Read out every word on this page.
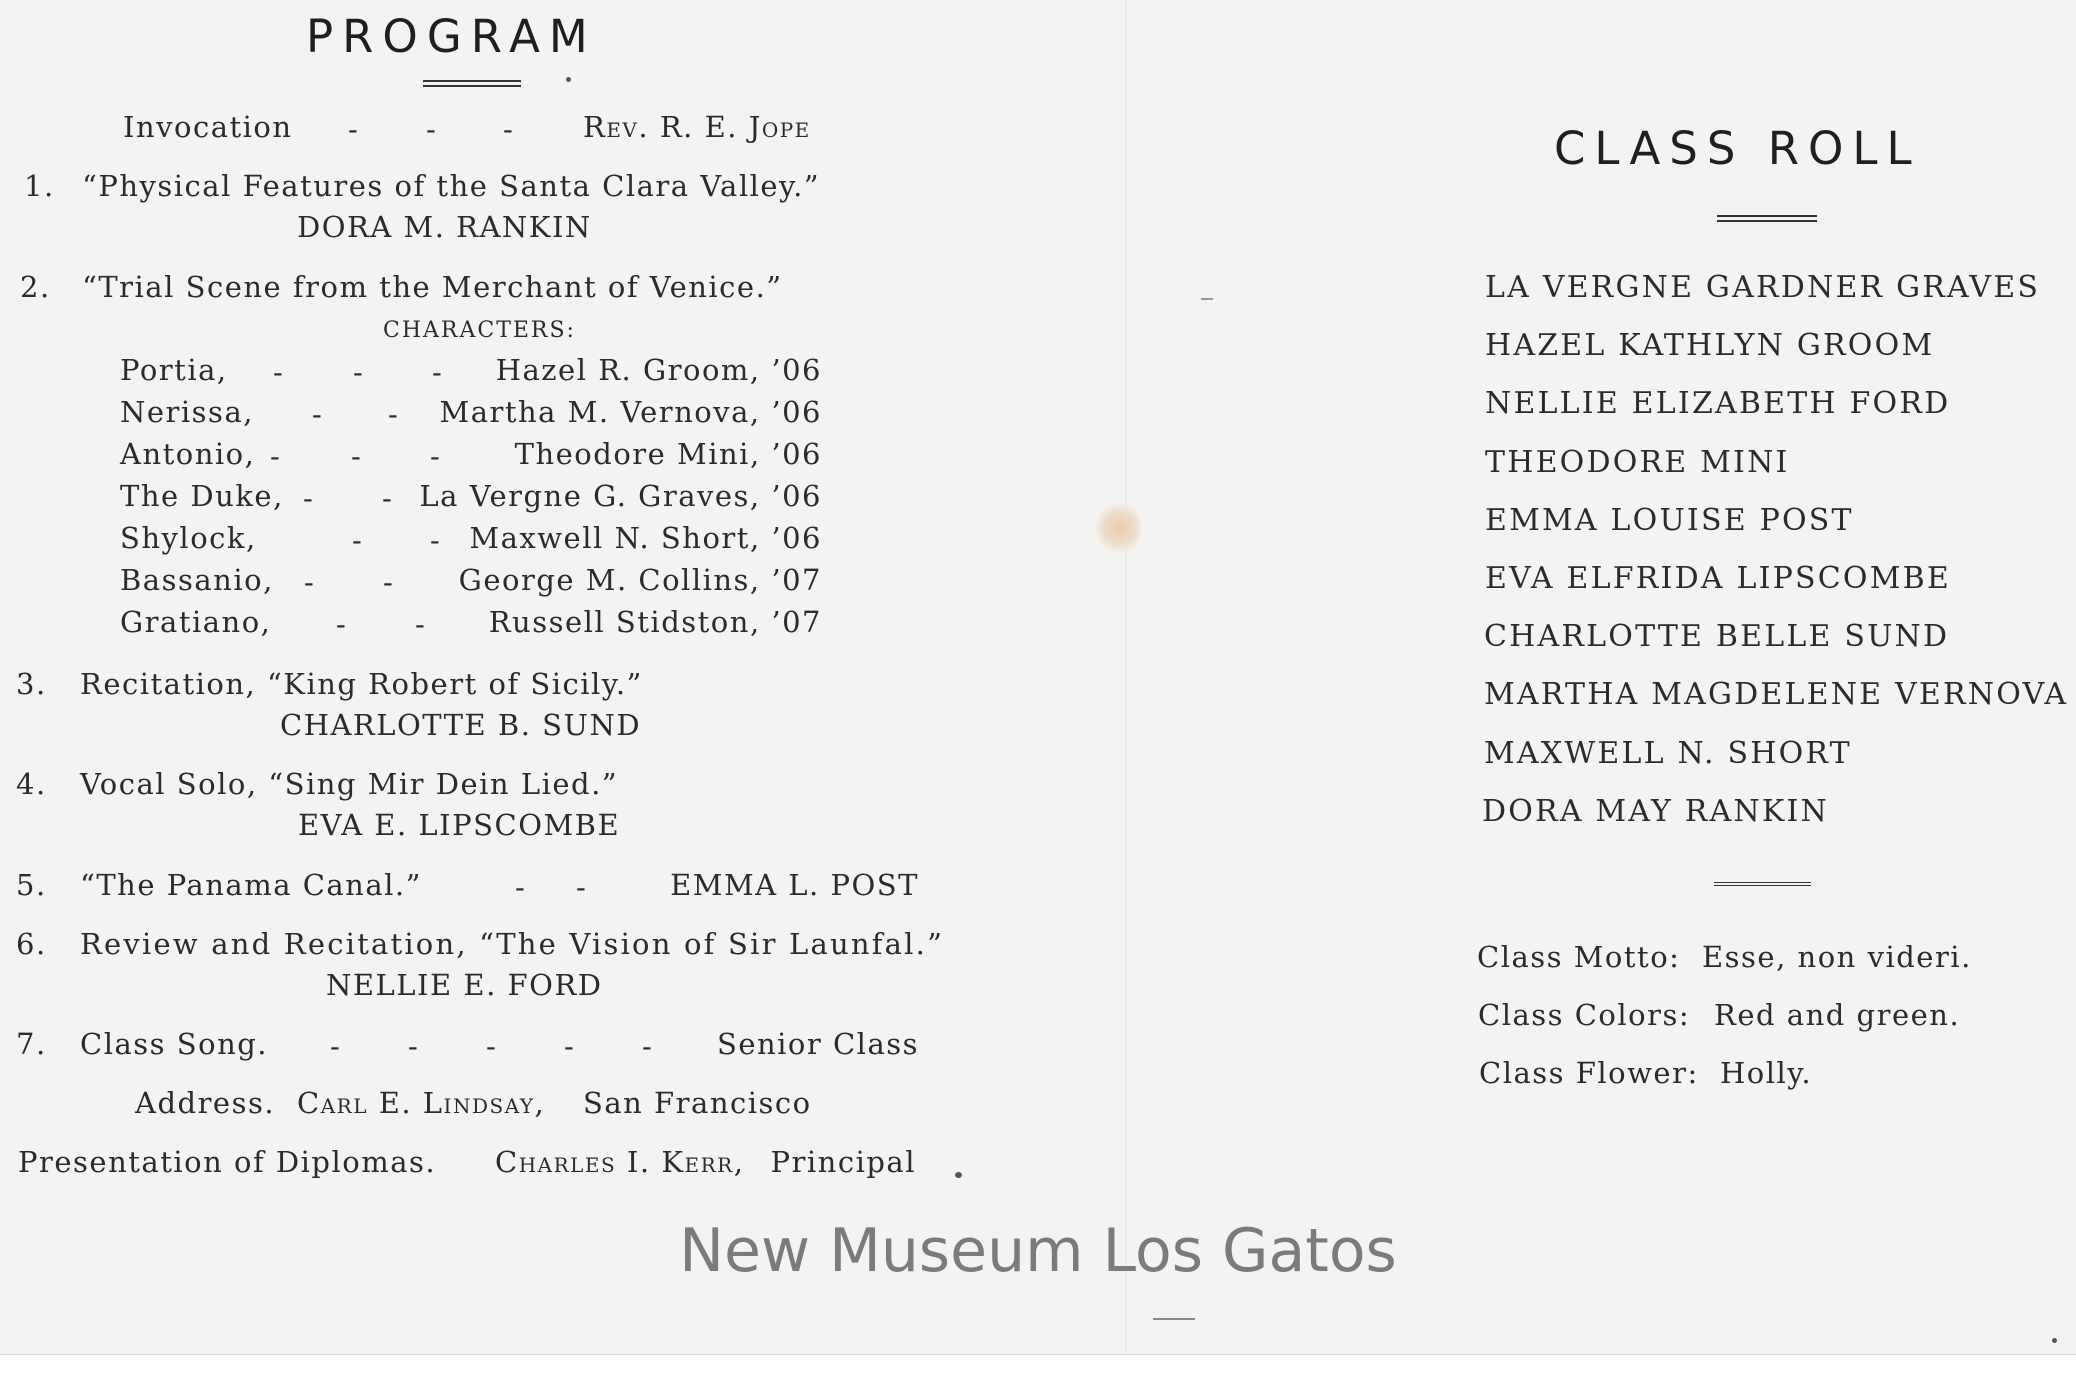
PROGRAM
Invocation - - - Rev. R. E. Jope
1. “Physical Features of the Santa Clara Valley.”
DORA M. RANKIN
2. “Trial Scene from the Merchant of Venice.”
CHARACTERS:
Portia, - - - Hazel R. Groom, ’06
Nerissa, - - Martha M. Vernova, ’06
Antonio, - - -	Theodore Mini, ’06
The Duke, - - La Vergne G. Graves, ’06
Shylock,	- - Maxwell N. Short, ’06
Bassanio, - - George M. Collins, ’07
Gratiano, - - Russell Stidston, ’07
3. Recitation, “King Robert of Sicily.”
CHARLOTTE B. SUND
4. Vocal Solo, “Sing Mir Dein Lied.”
EVA E. LIPSCOMBE
5. “The Panama Canal.”	- -	EMMA L. POST
6. Review and Recitation, “The Vision of Sir Launfal.”
NELLIE E. FORD
7. Class Song. - - - - - Senior Class
Address. Carl E. Lindsay, San Francisco
Presentation of Diplomas. Charles I. Kerr, Principal
CLASS ROLL
LA VERGNE GARDNER GRAVES
HAZEL KATHLYN GROOM
NELLIE ELIZABETH FORD
THEODORE MINI
EMMA LOUISE POST
EVA ELFRIDA LIPSCOMBE
CHARLOTTE BELLE SUND
MARTHA MAGDELENE VERNOVA
MAXWELL N. SHORT
DORA MAY RANKIN
Class Motto: Esse, non videri.
Class Colors: Red and green.
Class Flower: Holly.
New Museum Los Gatos
